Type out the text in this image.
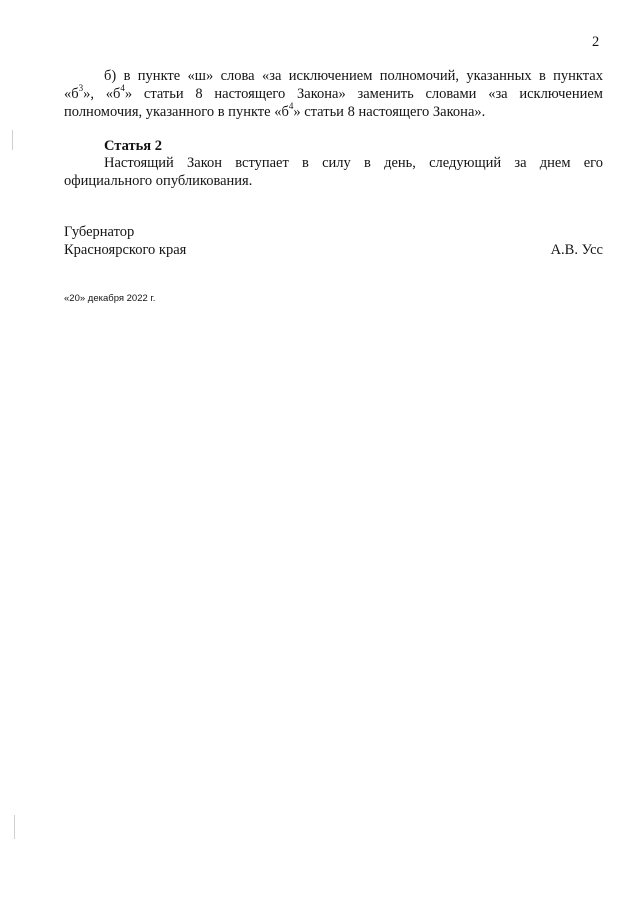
2

б) в пункте «ш» слова «за исключением полномочий, указанных в пунктах
«$б^3$», «$б^4$» статьи 8 настоящего Закона» заменить словами «за исключением
полномочия, указанного в пункте «$б^4$» статьи 8 настоящего Закона».

Статья 2
Настоящий Закон вступает в силу в день, следующий за днем его
официального опубликования.
Губернатор
Красноярского края	А.В. Усс
«20» декабря 2022 г.
